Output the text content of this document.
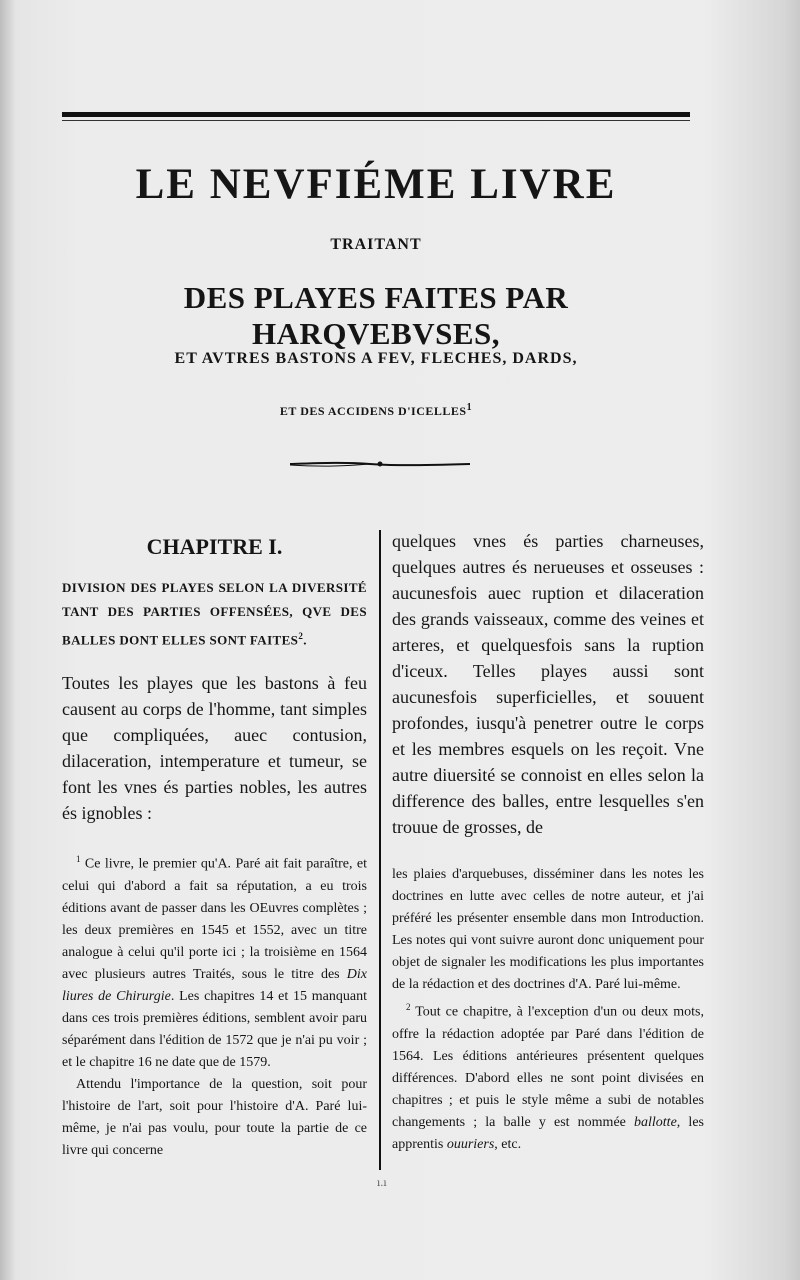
LE NEVFIÉME LIVRE
TRAITANT
DES PLAYES FAITES PAR HARQVEBVSES,
ET AVTRES BASTONS A FEV, FLECHES, DARDS,
ET DES ACCIDENS D'ICELLES$^1$
CHAPITRE I.
DIVISION DES PLAYES SELON LA DIVERSITÉ TANT DES PARTIES OFFENSÉES, QVE DES BALLES DONT ELLES SONT FAITES$^2$.
Toutes les playes que les bastons à feu causent au corps de l'homme, tant simples que compliquées, auec contusion, dilaceration, intemperature et tumeur, se font les vnes és parties nobles, les autres és ignobles :

$^1$ Ce livre, le premier qu'A. Paré ait fait paraître, et celui qui d'abord a fait sa réputation, a eu trois éditions avant de passer dans les OEuvres complètes ; les deux premières en 1545 et 1552, avec un titre analogue à celui qu'il porte ici ; la troisième en 1564 avec plusieurs autres Traités, sous le titre des Dix liures de Chirurgie. Les chapitres 14 et 15 manquant dans ces trois premières éditions, semblent avoir paru séparément dans l'édition de 1572 que je n'ai pu voir ; et le chapitre 16 ne date que de 1579.

Attendu l'importance de la question, soit pour l'histoire de l'art, soit pour l'histoire d'A. Paré lui-même, je n'ai pas voulu, pour toute la partie de ce livre qui concerne

quelques vnes és parties charneuses, quelques autres és nerueuses et osseuses : aucunesfois auec ruption et dilaceration des grands vaisseaux, comme des veines et arteres, et quelquesfois sans la ruption d'iceux. Telles playes aussi sont aucunesfois superficielles, et souuent profondes, iusqu'à penetrer outre le corps et les membres esquels on les reçoit. Vne autre diuersité se connoist en elles selon la difference des balles, entre lesquelles s'en trouue de grosses, de

les plaies d'arquebuses, disséminer dans les notes les doctrines en lutte avec celles de notre auteur, et j'ai préféré les présenter ensemble dans mon Introduction. Les notes qui vont suivre auront donc uniquement pour objet de signaler les modifications les plus importantes de la rédaction et des doctrines d'A. Paré lui-même.

$^2$ Tout ce chapitre, à l'exception d'un ou deux mots, offre la rédaction adoptée par Paré dans l'édition de 1564. Les éditions antérieures présentent quelques différences. D'abord elles ne sont point divisées en chapitres ; et puis le style même a subi de notables changements ; la balle y est nommée ballotte, les apprentis ouuriers, etc.

ı.ı
